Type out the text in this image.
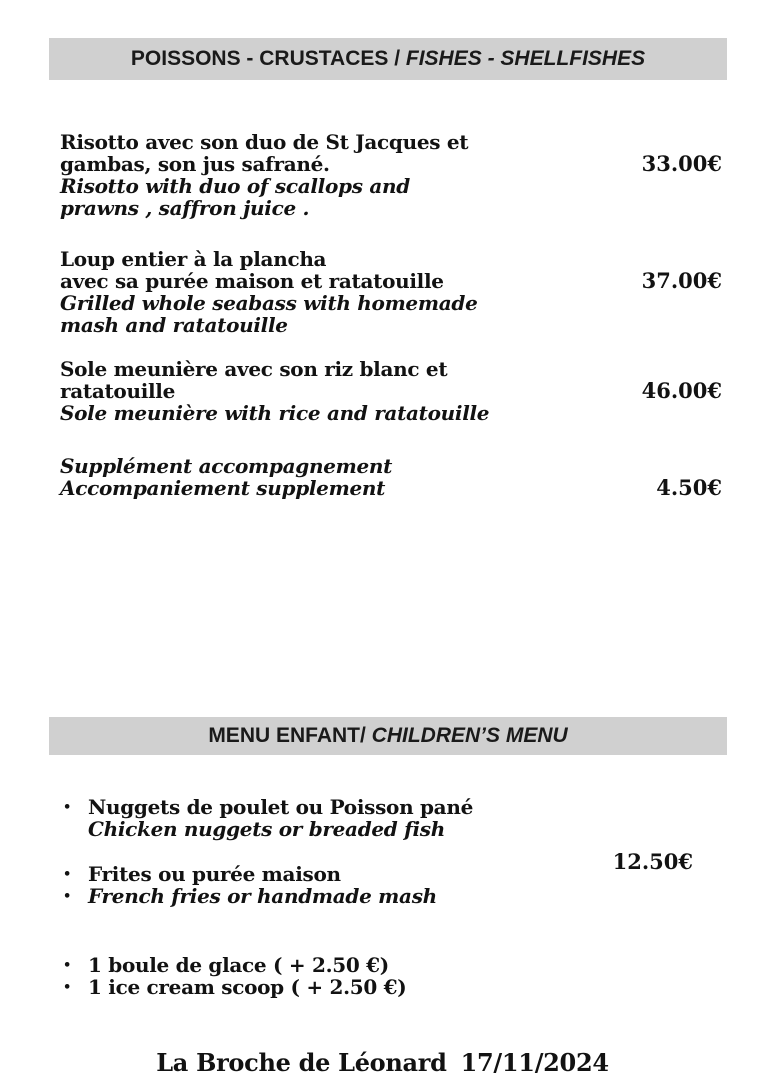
POISSONS - CRUSTACES / FISHES - SHELLFISHES
Risotto avec son duo de St Jacques et
gambas, son jus safrané.
Risotto with duo of scallops and
prawns , saffron juice .
33.00€
Loup entier à la plancha
avec sa purée maison et ratatouille
Grilled whole seabass with homemade
mash and ratatouille
37.00€
Sole meunière avec son riz blanc et
ratatouille
Sole meunière with rice and ratatouille
46.00€
Supplément accompagnement
Accompaniement supplement	4.50€
MENU ENFANT/ CHILDREN’S MENU
• Nuggets de poulet ou Poisson pané
Chicken nuggets or breaded fish
• Frites ou purée maison
• French fries or handmade mash
• 1 boule de glace ( + 2.50 €)
• 1 ice cream scoop ( + 2.50 €)
12.50€
La Broche de Léonard 17/11/2024
